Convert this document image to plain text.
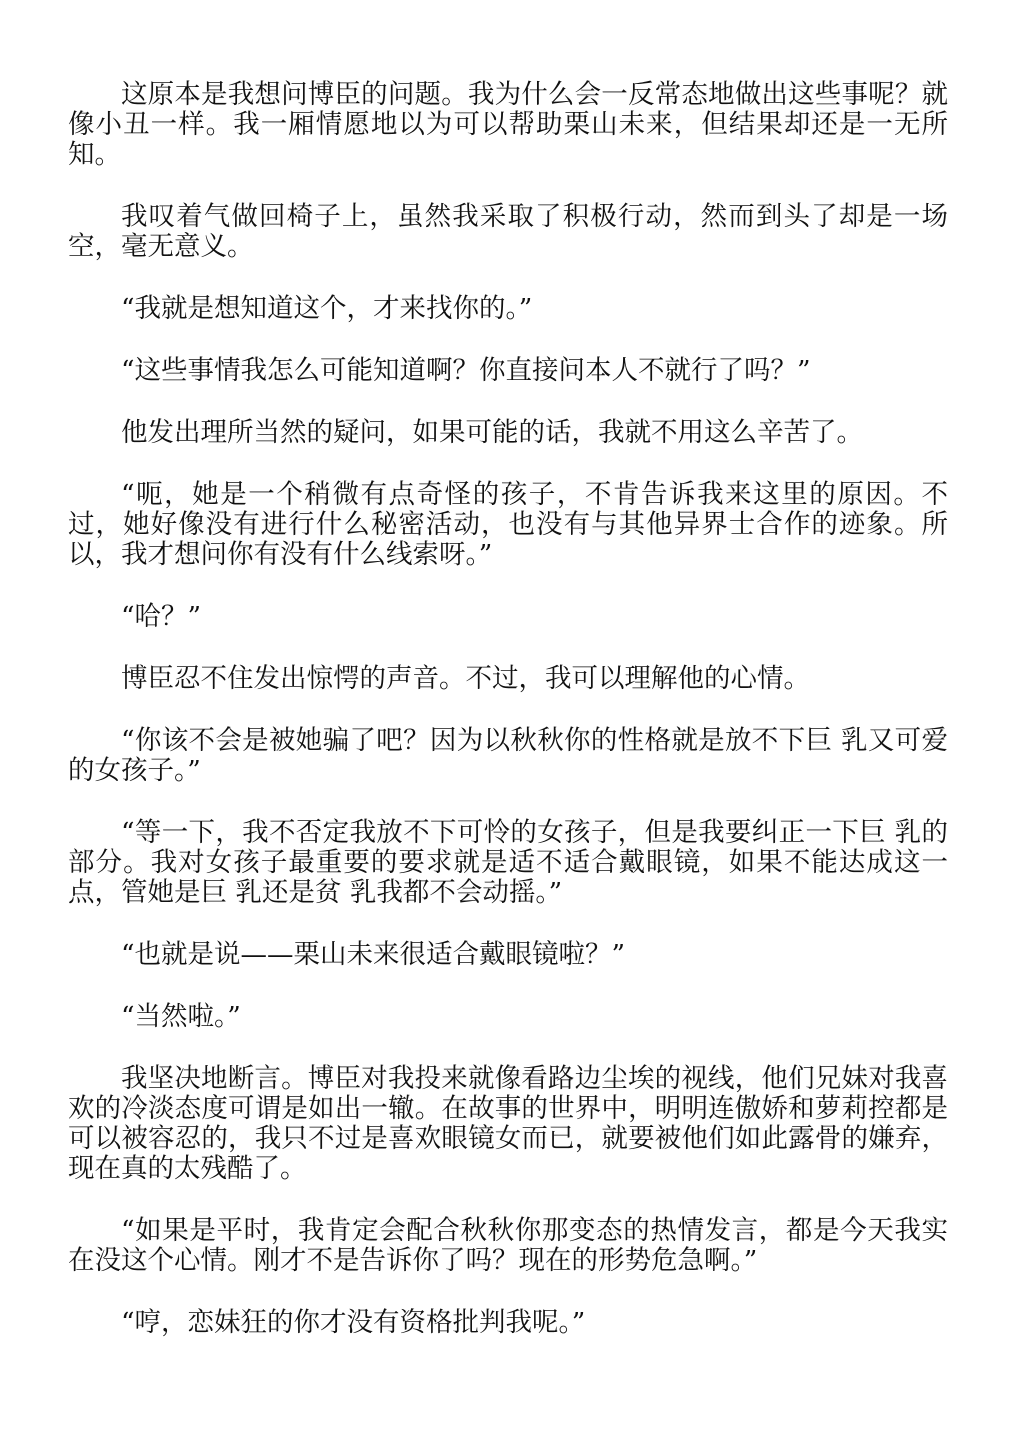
这原本是我想问博臣的问题。我为什么会一反常态地做出这些事呢？就像小丑一样。我一厢情愿地以为可以帮助栗山未来，但结果却还是一无所知。

我叹着气做回椅子上，虽然我采取了积极行动，然而到头了却是一场空，毫无意义。

“我就是想知道这个，才来找你的。”

“这些事情我怎么可能知道啊？你直接问本人不就行了吗？”

他发出理所当然的疑问，如果可能的话，我就不用这么辛苦了。

“呃，她是一个稍微有点奇怪的孩子，不肯告诉我来这里的原因。不过，她好像没有进行什么秘密活动，也没有与其他异界士合作的迹象。所以，我才想问你有没有什么线索呀。”

“哈？”

博臣忍不住发出惊愕的声音。不过，我可以理解他的心情。

“你该不会是被她骗了吧？因为以秋秋你的性格就是放不下巨 乳又可爱的女孩子。”

“等一下，我不否定我放不下可怜的女孩子，但是我要纠正一下巨 乳的部分。我对女孩子最重要的要求就是适不适合戴眼镜，如果不能达成这一点，管她是巨 乳还是贫 乳我都不会动摇。”

“也就是说——栗山未来很适合戴眼镜啦？”

“当然啦。”

我坚决地断言。博臣对我投来就像看路边尘埃的视线，他们兄妹对我喜欢的冷淡态度可谓是如出一辙。在故事的世界中，明明连傲娇和萝莉控都是可以被容忍的，我只不过是喜欢眼镜女而已，就要被他们如此露骨的嫌弃，现在真的太残酷了。

“如果是平时，我肯定会配合秋秋你那变态的热情发言，都是今天我实在没这个心情。刚才不是告诉你了吗？现在的形势危急啊。”

“哼，恋妹狂的你才没有资格批判我呢。”
